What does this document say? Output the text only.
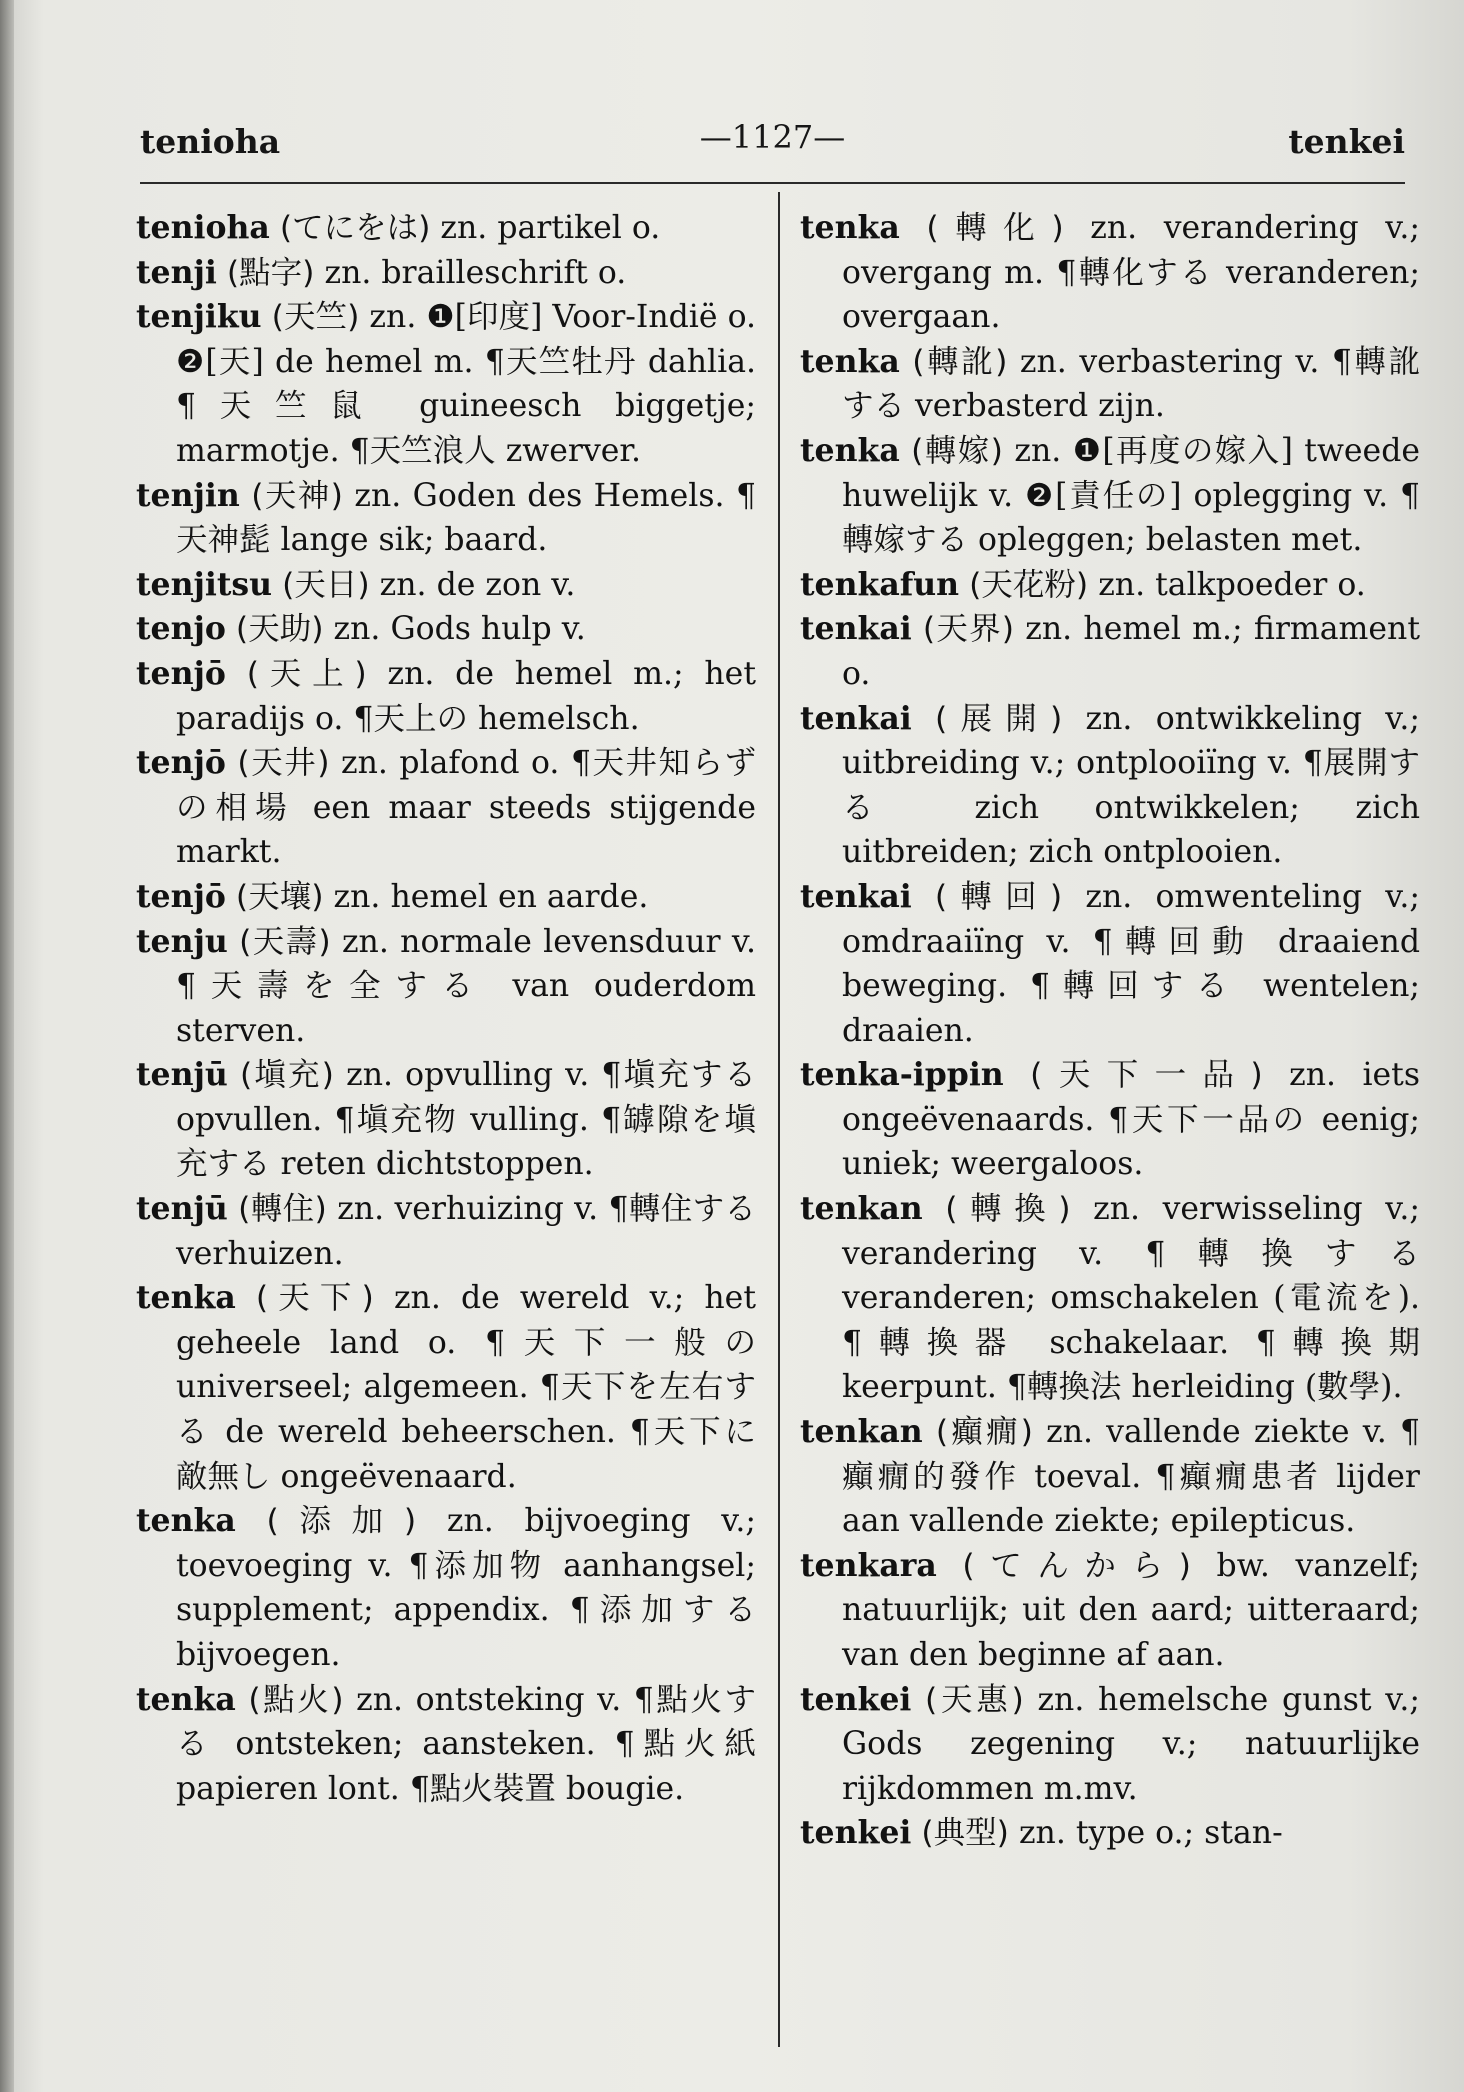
tenioha	—1127—	tenkei

tenioha (てにをは) zn. partikel o.

tenji (點字) zn. brailleschrift o.

tenjiku (天竺) zn. ❶[印度] Voor-Indië o. ❷[天] de hemel m. ¶天竺牡丹 dahlia. ¶天竺鼠 guineesch biggetje; marmotje. ¶天竺浪人 zwerver.

tenjin (天神) zn. Goden des Hemels. ¶天神髭 lange sik; baard.

tenjitsu (天日) zn. de zon v.

tenjo (天助) zn. Gods hulp v.

tenjō (天上) zn. de hemel m.; het paradijs o. ¶天上の hemelsch.

tenjō (天井) zn. plafond o. ¶天井知らずの相場 een maar steeds stijgende markt.

tenjō (天壤) zn. hemel en aarde.

tenju (天壽) zn. normale levensduur v. ¶天壽を全する van ouderdom sterven.

tenjū (塡充) zn. opvulling v. ¶塡充する opvullen. ¶塡充物 vulling. ¶罅隙を塡充する reten dichtstoppen.

tenjū (轉住) zn. verhuizing v. ¶轉住する verhuizen.

tenka (天下) zn. de wereld v.; het geheele land o. ¶天下一般の universeel; algemeen. ¶天下を左右する de wereld beheerschen. ¶天下に敵無し ongeëvenaard.

tenka (添加) zn. bijvoeging v.; toevoeging v. ¶添加物 aanhangsel; supplement; appendix. ¶添加する bijvoegen.

tenka (點火) zn. ontsteking v. ¶點火する ontsteken; aansteken. ¶點火紙 papieren lont. ¶點火裝置 bougie.

tenka (轉化) zn. verandering v.; overgang m. ¶轉化する veranderen; overgaan.

tenka (轉訛) zn. verbastering v. ¶轉訛する verbasterd zijn.

tenka (轉嫁) zn. ❶[再度の嫁入] tweede huwelijk v. ❷[責任の] oplegging v. ¶轉嫁する opleggen; belasten met.

tenkafun (天花粉) zn. talkpoeder o.

tenkai (天界) zn. hemel m.; firmament o.

tenkai (展開) zn. ontwikkeling v.; uitbreiding v.; ontplooiïng v. ¶展開する zich ontwikkelen; zich uitbreiden; zich ontplooien.

tenkai (轉回) zn. omwenteling v.; omdraaiïng v. ¶轉回動 draaiend beweging. ¶轉回する wentelen; draaien.

tenka-ippin (天下一品) zn. iets ongeëvenaards. ¶天下一品の eenig; uniek; weergaloos.

tenkan (轉換) zn. verwisseling v.; verandering v. ¶轉換する veranderen; omschakelen (電流を). ¶轉換器 schakelaar. ¶轉換期 keerpunt. ¶轉換法 herleiding (數學).

tenkan (癲癇) zn. vallende ziekte v. ¶癲癇的發作 toeval. ¶癲癇患者 lijder aan vallende ziekte; epilepticus.

tenkara (てんから) bw. vanzelf; natuurlijk; uit den aard; uitteraard; van den beginne af aan.

tenkei (天惠) zn. hemelsche gunst v.; Gods zegening v.; natuurlijke rijkdommen m.mv.

tenkei (典型) zn. type o.; stan-
